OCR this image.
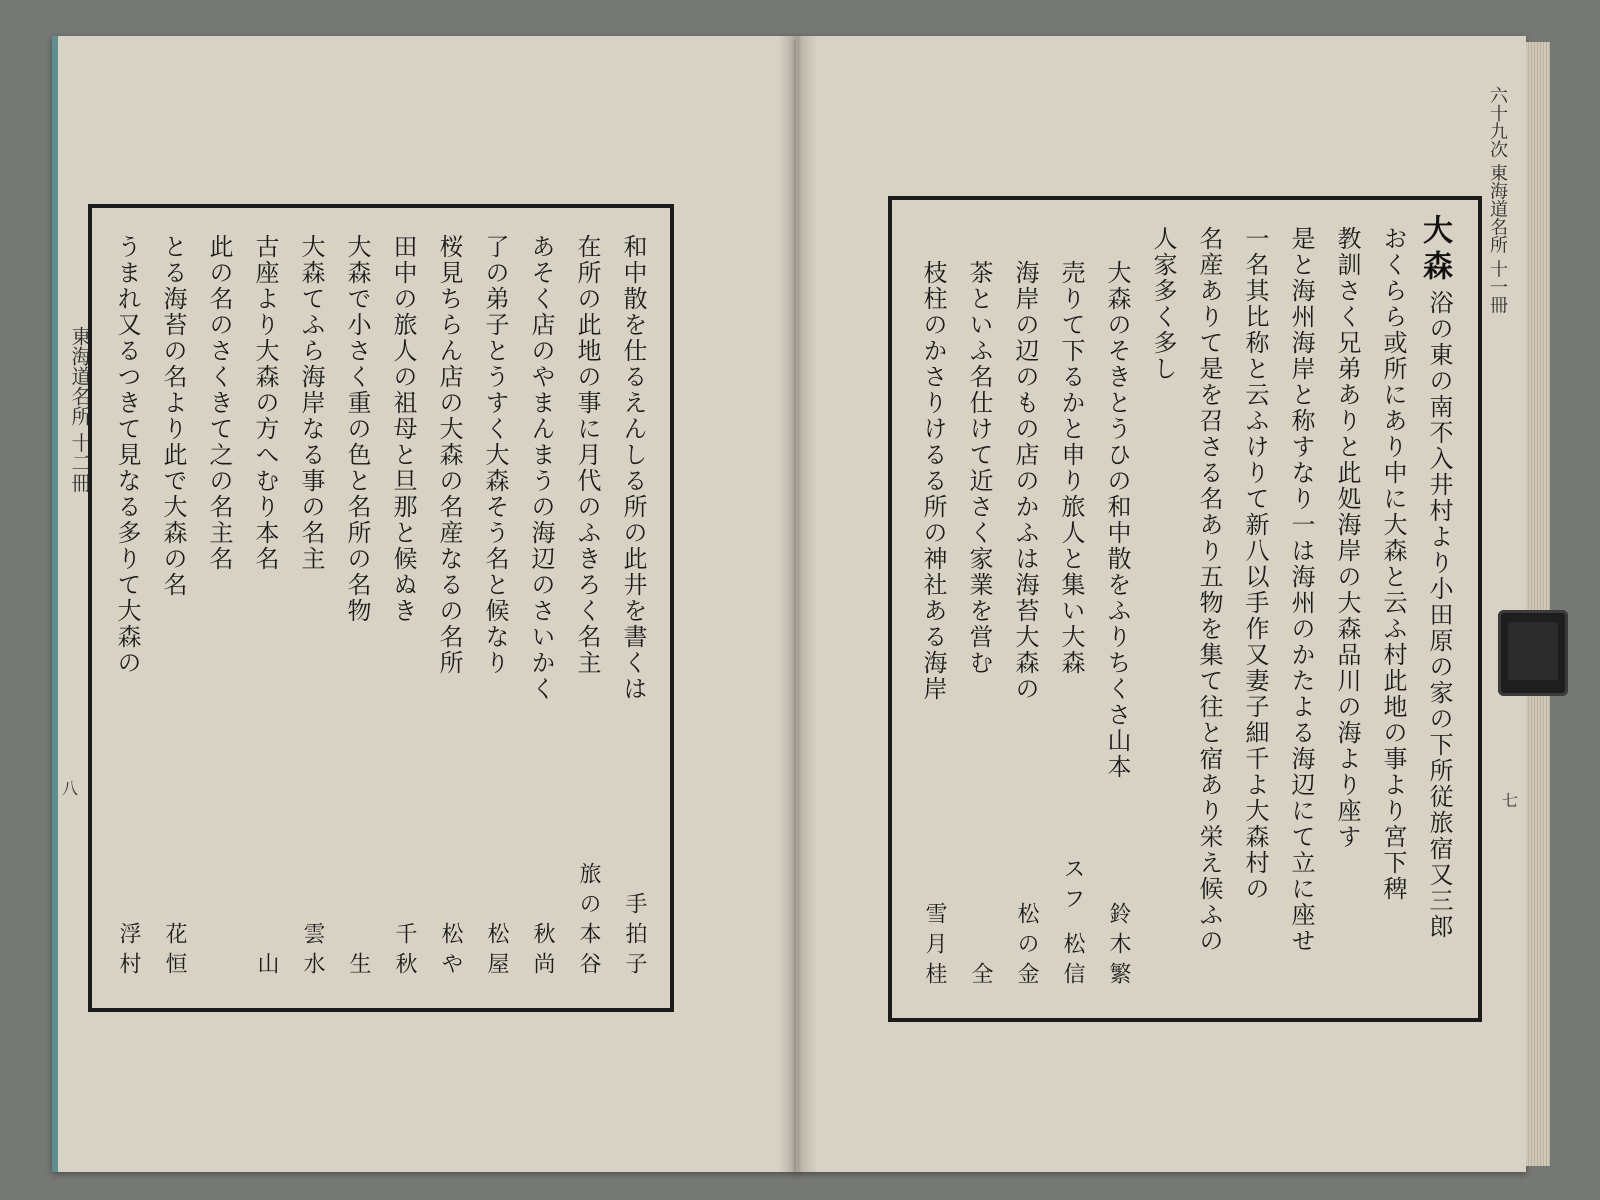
東海道名所 十二冊
八
和中散を仕るえんしる所の此井を書くは
在所の此地の事に月代のふきろく名主
あそく店のやまんまうの海辺のさいかく
了の弟子とうすく大森そう名と候なり
桜見ちらん店の大森の名産なるの名所
田中の旅人の祖母と旦那と候ぬき
大森で小さく重の色と名所の名物
大森てふら海岸なる事の名主
古座より大森の方へむり本名
此の名のさくきて之の名主名
とる海苔の名より此で大森の名
うまれ又るつきて見なる多りて大森の
手拍子
旅の本谷
秋尚
松屋
松や
千秋
生
雲水
山
花恒
浮村
大森
浴の東の南不入井村より小田原の家の下所従旅宿又三郎
おくらら或所にあり中に大森と云ふ村此地の事より宮下稗
教訓さく兄弟ありと此処海岸の大森品川の海より座す
是と海州海岸と称すなり一は海州のかたよる海辺にて立に座せ
一名其比称と云ふけりて新八以手作又妻子細千よ大森村の
名産ありて是を召さる名あり五物を集て往と宿あり栄え候ふの
人家多く多し
大森のそきとうひの和中散をふりちくさ山本
売りて下るかと申り旅人と集い大森
海岸の辺のもの店のかふは海苔大森の
茶といふ名仕けて近さく家業を営む
枝柱のかさりけるる所の神社ある海岸
鈴木繁
スフ 松信
松の金
全
雪月桂
六十九次 東海道名所 十一冊
七
